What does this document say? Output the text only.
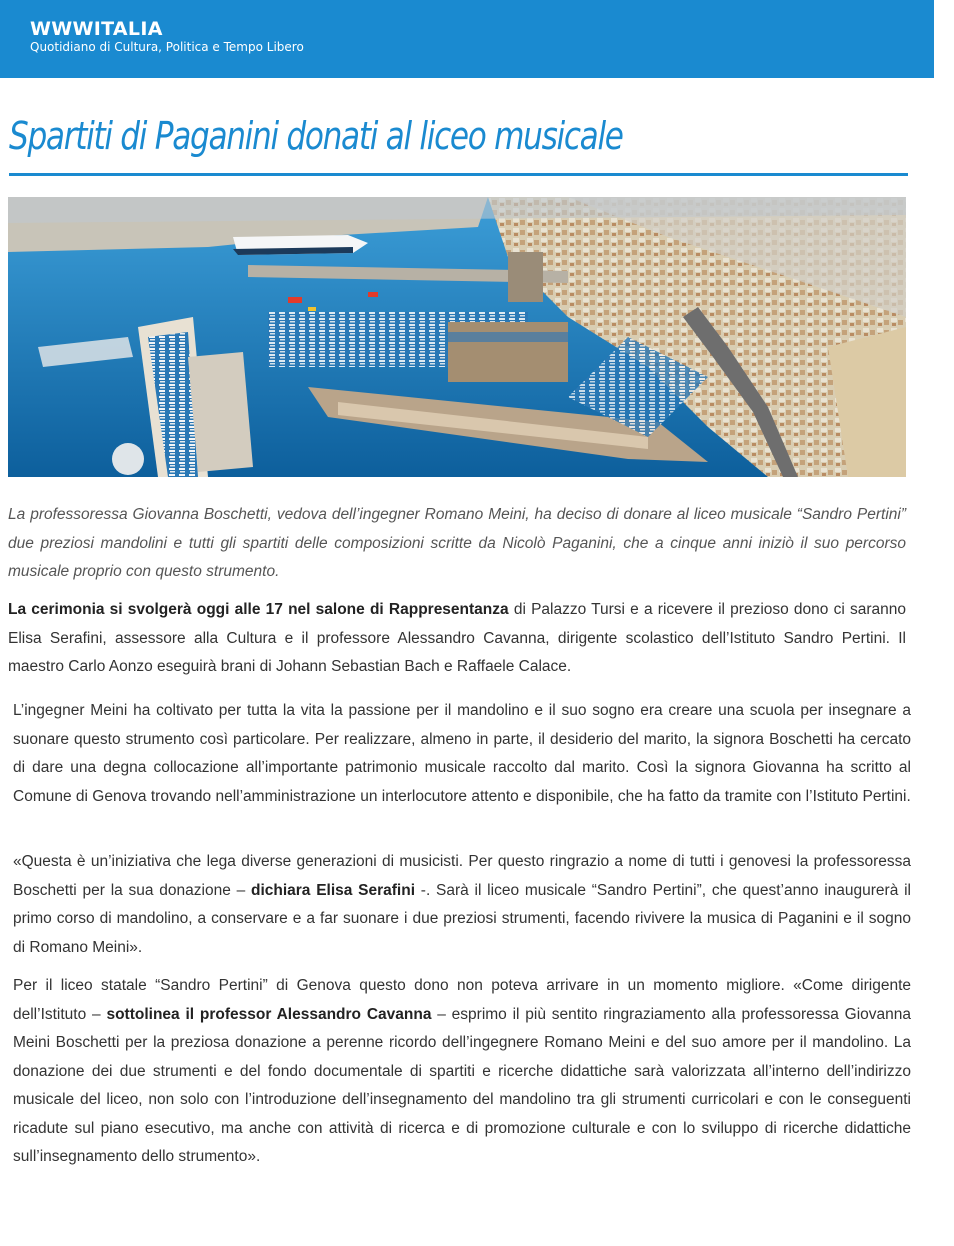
WWWITALIA
Quotidiano di Cultura, Politica e Tempo Libero
Spartiti di Paganini donati al liceo musicale

La professoressa Giovanna Boschetti, vedova dell’ingegner Romano Meini, ha deciso di donare al liceo musicale “Sandro Pertini” due preziosi mandolini e tutti gli spartiti delle composizioni scritte da Nicolò Paganini, che a cinque anni iniziò il suo percorso musicale proprio con questo strumento.

La cerimonia si svolgerà oggi alle 17 nel salone di Rappresentanza di Palazzo Tursi e a ricevere il prezioso dono ci saranno Elisa Serafini, assessore alla Cultura e il professore Alessandro Cavanna, dirigente scolastico dell’Istituto Sandro Pertini. Il maestro Carlo Aonzo eseguirà brani di Johann Sebastian Bach e Raffaele Calace.

L’ingegner Meini ha coltivato per tutta la vita la passione per il mandolino e il suo sogno era creare una scuola per insegnare a suonare questo strumento così particolare. Per realizzare, almeno in parte, il desiderio del marito, la signora Boschetti ha cercato di dare una degna collocazione all’importante patrimonio musicale raccolto dal marito. Così la signora Giovanna ha scritto al Comune di Genova trovando nell’amministrazione un interlocutore attento e disponibile, che ha fatto da tramite con l’Istituto Pertini.

«Questa è un’iniziativa che lega diverse generazioni di musicisti. Per questo ringrazio a nome di tutti i genovesi la professoressa Boschetti per la sua donazione – dichiara Elisa Serafini -. Sarà il liceo musicale “Sandro Pertini”, che quest’anno inaugurerà il primo corso di mandolino, a conservare e a far suonare i due preziosi strumenti, facendo rivivere la musica di Paganini e il sogno di Romano Meini».

Per il liceo statale “Sandro Pertini” di Genova questo dono non poteva arrivare in un momento migliore. «Come dirigente dell’Istituto – sottolinea il professor Alessandro Cavanna – esprimo il più sentito ringraziamento alla professoressa Giovanna Meini Boschetti per la preziosa donazione a perenne ricordo dell’ingegnere Romano Meini e del suo amore per il mandolino. La donazione dei due strumenti e del fondo documentale di spartiti e ricerche didattiche sarà valorizzata all’interno dell’indirizzo musicale del liceo, non solo con l’introduzione dell’insegnamento del mandolino tra gli strumenti curricolari e con le conseguenti ricadute sul piano esecutivo, ma anche con attività di ricerca e di promozione culturale e con lo sviluppo di ricerche didattiche sull’insegnamento dello strumento».
